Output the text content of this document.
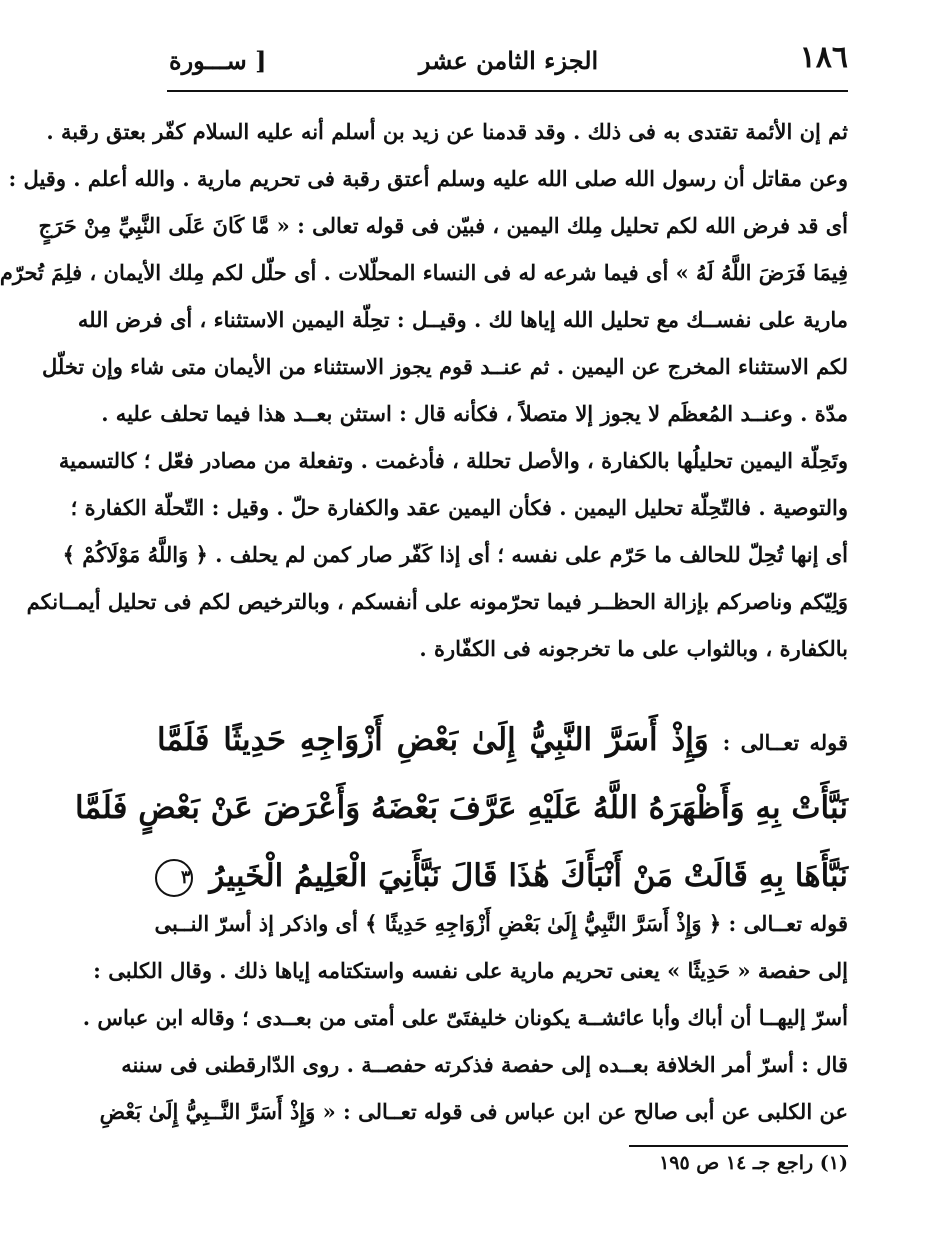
١٨٦
الجزء الثامن عشر
[ ســـورة
ثم إن الأئمة تقتدى به فى ذلك . وقد قدمنا عن زيد بن أسلم أنه عليه السلام كفّر بعتق رقبة .
وعن مقاتل أن رسول الله صلى الله عليه وسلم أعتق رقبة فى تحريم مارية . والله أعلم . وقيل :
أى قد فرض الله لكم تحليل مِلك اليمين ، فبيّن فى قوله تعالى : « مَّا كَانَ عَلَى النَّبِيِّ مِنْ حَرَجٍ
فِيمَا فَرَضَ اللَّهُ لَهُ » أى فيما شرعه له فى النساء المحلّلات . أى حلّل لكم مِلك الأيمان ، فلِمَ تُحرّم
مارية على نفســك مع تحليل الله إياها لك . وقيــل : تحِلّة اليمين الاستثناء ، أى فرض الله
لكم الاستثناء المخرج عن اليمين . ثم عنــد قوم يجوز الاستثناء من الأيمان متى شاء وإن تخلّل
مدّة . وعنــد المُعظَم لا يجوز إلا متصلاً ، فكأنه قال : استثن بعــد هذا فيما تحلف عليه .
وتَحِلّة اليمين تحليلُها بالكفارة ، والأصل تحللة ، فأدغمت . وتفعلة من مصادر فعّل ؛ كالتسمية
والتوصية . فالتّحِلّة تحليل اليمين . فكأن اليمين عقد والكفارة حلّ . وقيل : التّحلّة الكفارة ؛
أى إنها تُحِلّ للحالف ما حَرّم على نفسه ؛ أى إذا كَفّر صار كمن لم يحلف . ﴿ وَاللَّهُ مَوْلَاكُمْ ﴾
وَلِيّكم وناصركم بإزالة الحظــر فيما تحرّمونه على أنفسكم ، وبالترخيص لكم فى تحليل أيمــانكم
بالكفارة ، وبالثواب على ما تخرجونه فى الكفّارة .
قوله تعــالى : وَإِذْ أَسَرَّ النَّبِيُّ إِلَىٰ بَعْضِ أَزْوَاجِهِ حَدِيثًا فَلَمَّا
نَبَّأَتْ بِهِ وَأَظْهَرَهُ اللَّهُ عَلَيْهِ عَرَّفَ بَعْضَهُ وَأَعْرَضَ عَنْ بَعْضٍ فَلَمَّا
نَبَّأَهَا بِهِ قَالَتْ مَنْ أَنْبَأَكَ هَٰذَا قَالَ نَبَّأَنِيَ الْعَلِيمُ الْخَبِيرُ ٣
قوله تعــالى : ﴿ وَإِذْ أَسَرَّ النَّبِيُّ إِلَىٰ بَعْضِ أَزْوَاجِهِ حَدِيثًا ﴾ أى واذكر إذ أسرّ النــبى
إلى حفصة « حَدِيثًا » يعنى تحريم مارية على نفسه واستكتامه إياها ذلك . وقال الكلبى :
أسرّ إليهــا أن أباك وأبا عائشــة يكونان خليفتَىّ على أمتى من بعــدى ؛ وقاله ابن عباس .
قال : أسرّ أمر الخلافة بعــده إلى حفصة فذكرته حفصــة . روى الدّارقطنى فى سننه
عن الكلبى عن أبى صالح عن ابن عباس فى قوله تعــالى : « وَإِذْ أَسَرَّ النَّــبِيُّ إِلَىٰ بَعْضِ
(١) راجع جـ ١٤ ص ١٩٥
